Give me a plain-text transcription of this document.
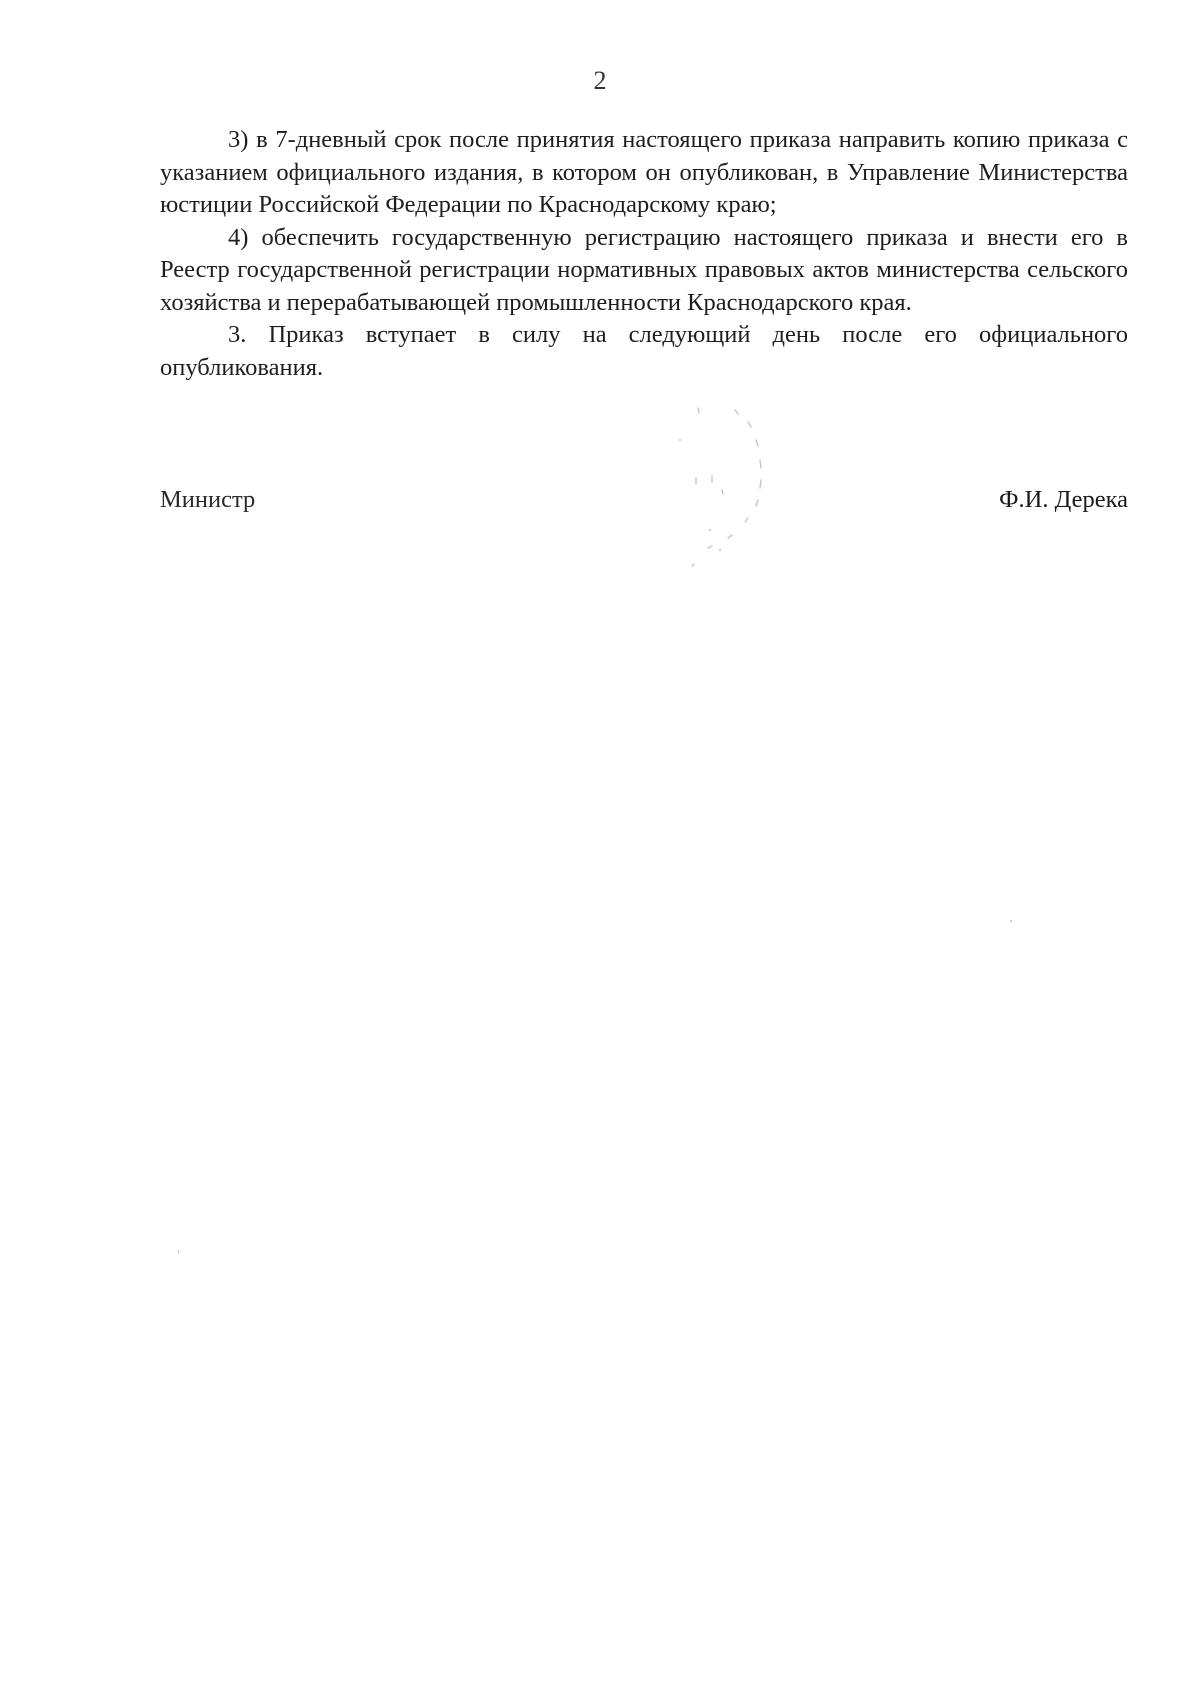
2

3) в 7-дневный срок после принятия настоящего приказа направить копию приказа с указанием официального издания, в котором он опубликован, в Управление Министерства юстиции Российской Федерации по Краснодарскому краю;

4) обеспечить государственную регистрацию настоящего приказа и внести его в Реестр государственной регистрации нормативных правовых актов министерства сельского хозяйства и перерабатывающей промышленности Краснодарского края.

3. Приказ вступает в силу на следующий день после его официального опубликования.

Министр	Ф.И. Дерека
